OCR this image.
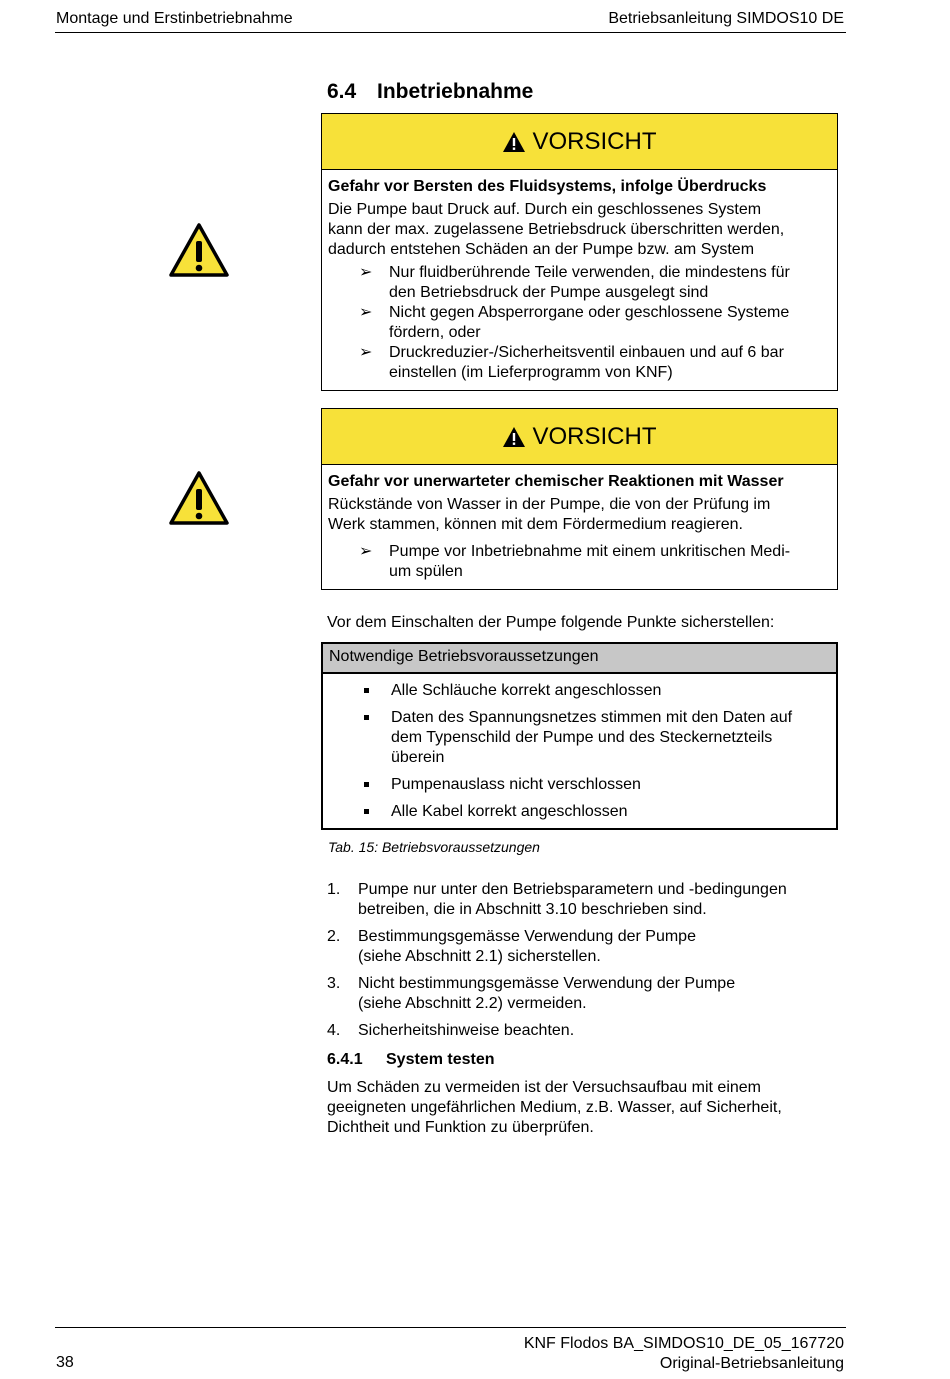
Montage und Erstinbetriebnahme	Betriebsanleitung SIMDOS10 DE
6.4 Inbetriebnahme
VORSICHT
Gefahr vor Bersten des Fluidsystems, infolge Überdrucks
Die Pumpe baut Druck auf. Durch ein geschlossenes System
kann der max. zugelassene Betriebsdruck überschritten werden,
dadurch entstehen Schäden an der Pumpe bzw. am System
➢ Nur fluidberührende Teile verwenden, die mindestens für
den Betriebsdruck der Pumpe ausgelegt sind
➢ Nicht gegen Absperrorgane oder geschlossene Systeme
fördern, oder
➢ Druckreduzier-/Sicherheitsventil einbauen und auf 6 bar
einstellen (im Lieferprogramm von KNF)
VORSICHT
Gefahr vor unerwarteter chemischer Reaktionen mit Wasser
Rückstände von Wasser in der Pumpe, die von der Prüfung im
Werk stammen, können mit dem Fördermedium reagieren.
➢ Pumpe vor Inbetriebnahme mit einem unkritischen Medi-
um spülen
Vor dem Einschalten der Pumpe folgende Punkte sicherstellen:
Notwendige Betriebsvoraussetzungen
Alle Schläuche korrekt angeschlossen
Daten des Spannungsnetzes stimmen mit den Daten auf
dem Typenschild der Pumpe und des Steckernetzteils
überein
Pumpenauslass nicht verschlossen
Alle Kabel korrekt angeschlossen
Tab. 15: Betriebsvoraussetzungen
1. Pumpe nur unter den Betriebsparametern und -bedingungen
betreiben, die in Abschnitt 3.10 beschrieben sind.
2. Bestimmungsgemässe Verwendung der Pumpe
(siehe Abschnitt 2.1) sicherstellen.
3. Nicht bestimmungsgemässe Verwendung der Pumpe
(siehe Abschnitt 2.2) vermeiden.
4. Sicherheitshinweise beachten.
6.4.1 System testen
Um Schäden zu vermeiden ist der Versuchsaufbau mit einem
geeigneten ungefährlichen Medium, z.B. Wasser, auf Sicherheit,
Dichtheit und Funktion zu überprüfen.
38
KNF Flodos BA_SIMDOS10_DE_05_167720
Original-Betriebsanleitung
